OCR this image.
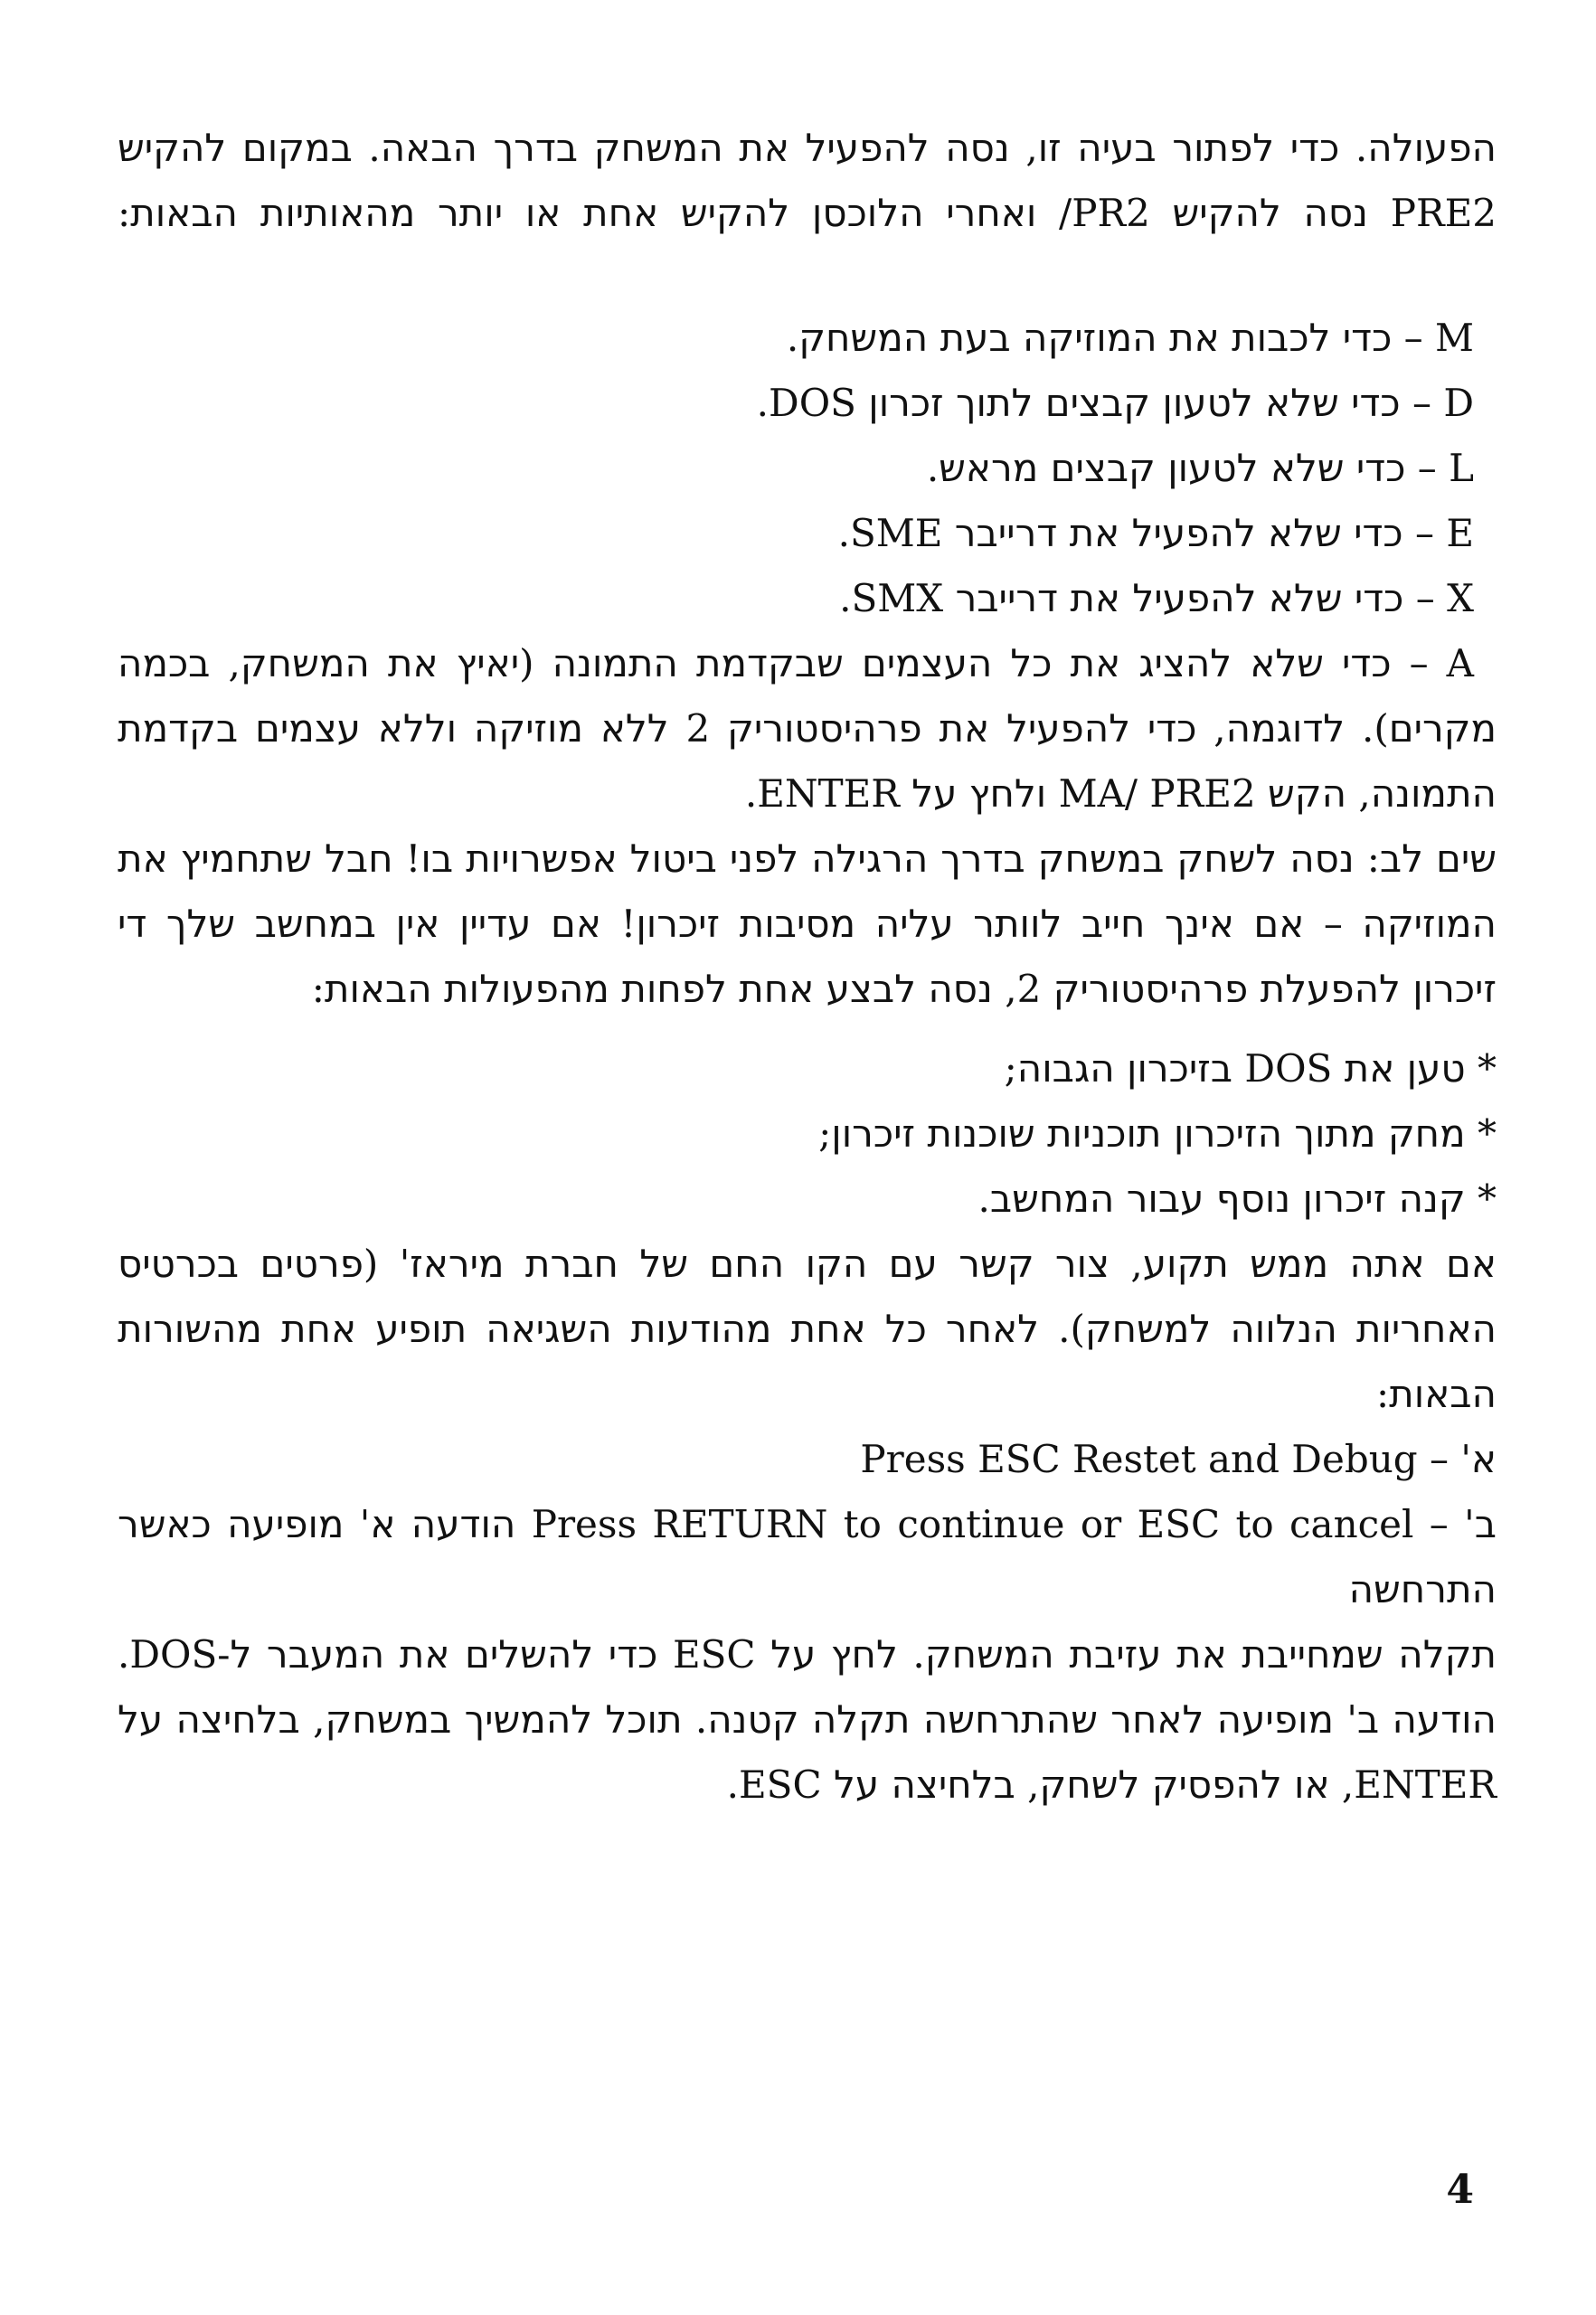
הפעולה. כדי לפתור בעיה זו, נסה להפעיל את המשחק בדרך הבאה. במקום להקיש
PRE2 נסה להקיש PR2/ ואחרי הלוכסן להקיש אחת או יותר מהאותיות הבאות:
M – כדי לכבות את המוזיקה בעת המשחק.
D – כדי שלא לטעון קבצים לתוך זכרון DOS.
L – כדי שלא לטעון קבצים מראש.
E – כדי שלא להפעיל את דרייבר SME.
X – כדי שלא להפעיל את דרייבר SMX.
A – כדי שלא להציג את כל העצמים שבקדמת התמונה (יאיץ את המשחק, בכמה
מקרים). לדוגמה, כדי להפעיל את פרהיסטוריק 2 ללא מוזיקה וללא עצמים בקדמת
התמונה, הקש MA/ PRE2 ולחץ על ENTER.
שים לב: נסה לשחק במשחק בדרך הרגילה לפני ביטול אפשרויות בו! חבל שתחמיץ את
המוזיקה – אם אינך חייב לוותר עליה מסיבות זיכרון! אם עדיין אין במחשב שלך די
זיכרון להפעלת פרהיסטוריק 2, נסה לבצע אחת לפחות מהפעולות הבאות:
* טען את DOS בזיכרון הגבוה;
* מחק מתוך הזיכרון תוכניות שוכנות זיכרון;
* קנה זיכרון נוסף עבור המחשב.
אם אתה ממש תקוע, צור קשר עם הקו החם של חברת מיראז' (פרטים בכרטיס
האחריות הנלווה למשחק). לאחר כל אחת מהודעות השגיאה תופיע אחת מהשורות
הבאות:
א' – Press ESC Restet and Debug
ב' – Press RETURN to continue or ESC to cancel הודעה א' מופיעה כאשר התרחשה
תקלה שמחייבת את עזיבת המשחק. לחץ על ESC כדי להשלים את המעבר ל-DOS.
הודעה ב' מופיעה לאחר שהתרחשה תקלה קטנה. תוכל להמשיך במשחק, בלחיצה על
ENTER, או להפסיק לשחק, בלחיצה על ESC.
4
